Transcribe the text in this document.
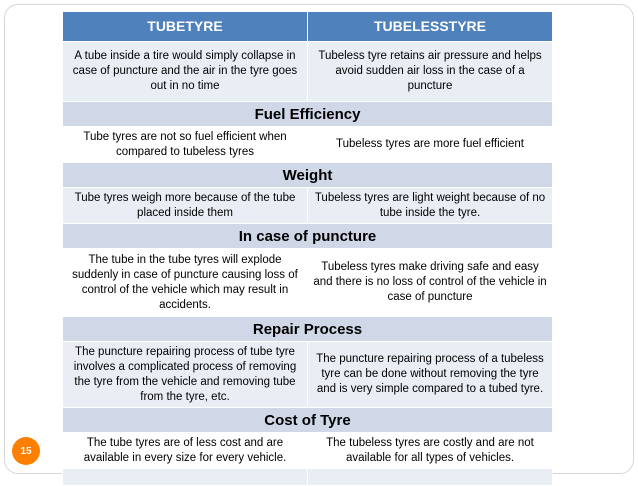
TUBETYRE	TUBELESSTYRE
A tube inside a tire would simply collapse in case of puncture and the air in the tyre goes out in no time	Tubeless tyre retains air pressure and helps avoid sudden air loss in the case of a puncture
Fuel Efficiency	
Tube tyres are not so fuel efficient when compared to tubeless tyres	Tubeless tyres are more fuel efficient
Weight	
Tube tyres weigh more because of the tube placed inside them	Tubeless tyres are light weight because of no tube inside the tyre.
In case of puncture	
The tube in the tube tyres will explode suddenly in case of puncture causing loss of control of the vehicle which may result in accidents.	Tubeless tyres make driving safe and easy and there is no loss of control of the vehicle in case of puncture
Repair Process	
The puncture repairing process of tube tyre involves a complicated process of removing the tyre from the vehicle and removing tube from the tyre, etc.	The puncture repairing process of a tubeless tyre can be done without removing the tyre and is very simple compared to a tubed tyre.
Cost of Tyre	
The tube tyres are of less cost and are available in every size for every vehicle.	The tubeless tyres are costly and are not available for all types of vehicles.

15
